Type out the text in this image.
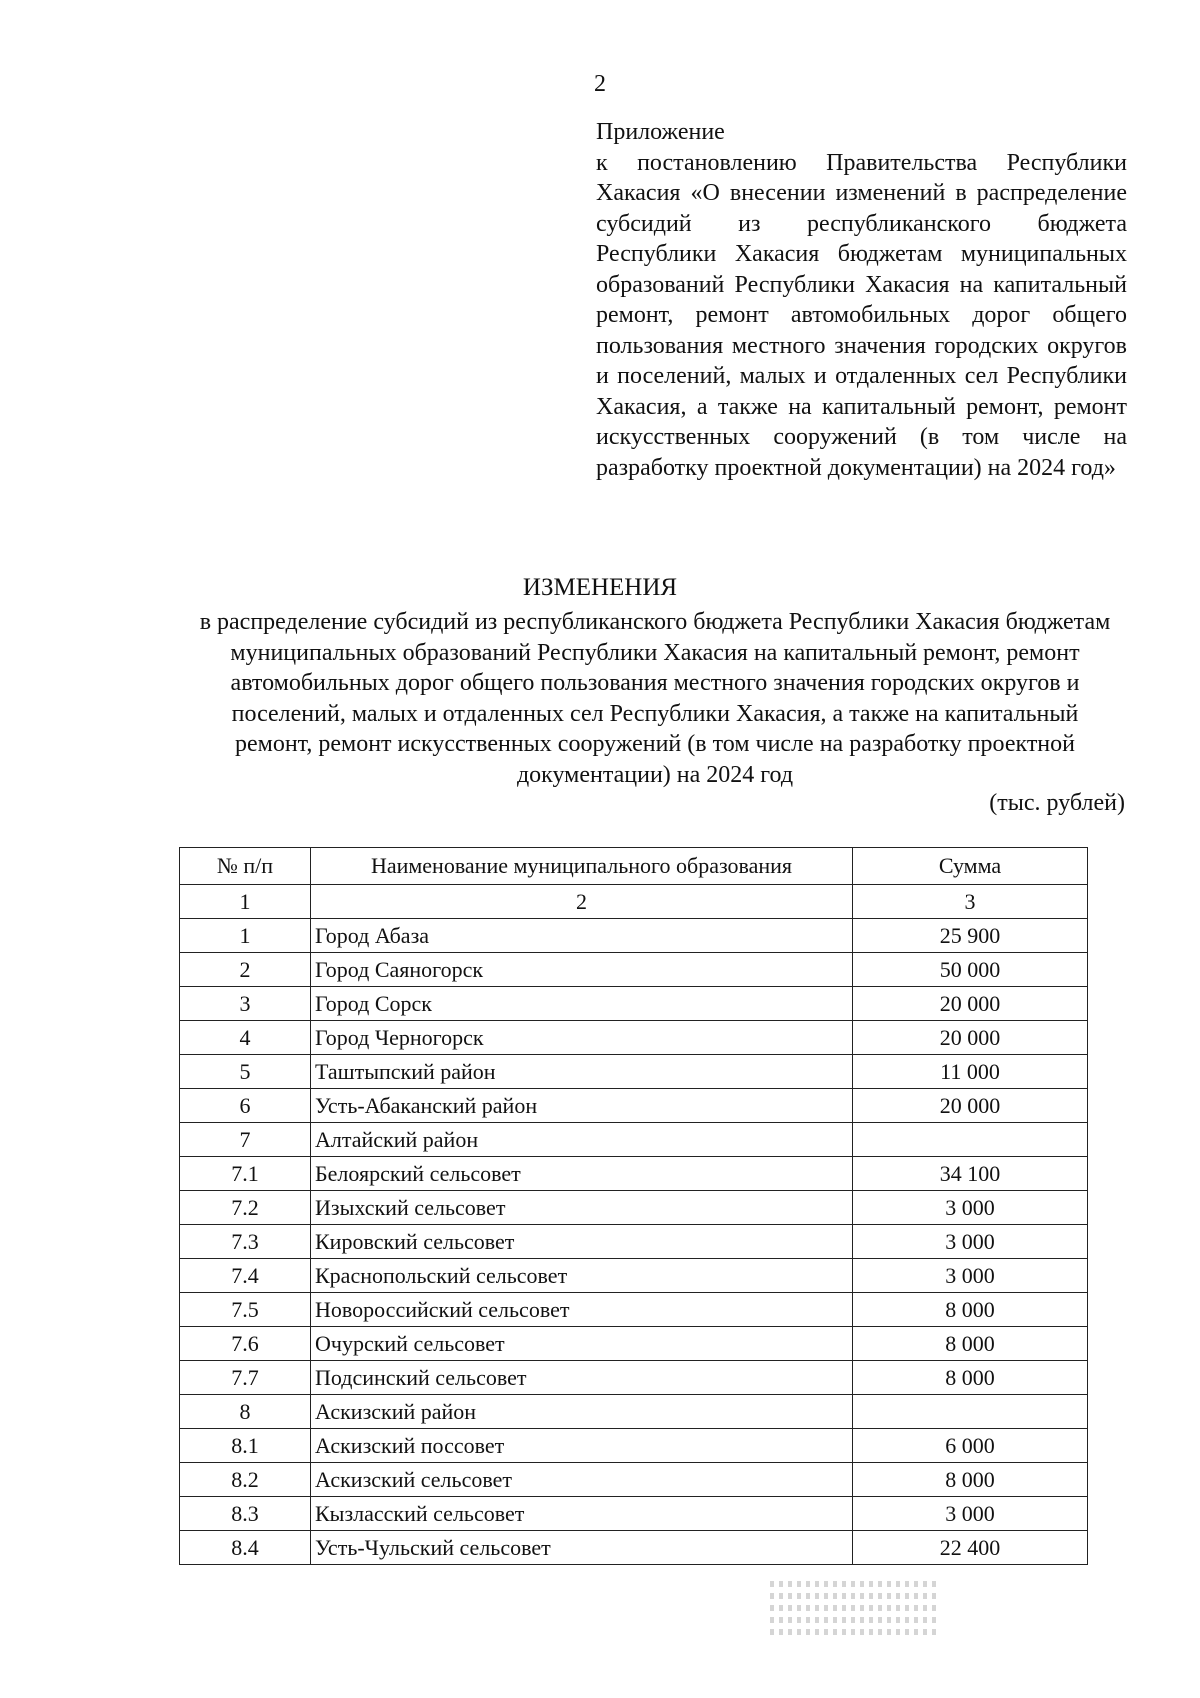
2
Приложение
к постановлению Правительства Республики Хакасия «О внесении изменений в распределение субсидий из республиканского бюджета Республики Хакасия бюджетам муниципальных образований Республики Хакасия на капитальный ремонт, ремонт автомобильных дорог общего пользования местного значения городских округов и поселений, малых и отдаленных сел Республики Хакасия, а также на капитальный ремонт, ремонт искусственных сооружений (в том числе на разработку проектной документации) на 2024 год»
ИЗМЕНЕНИЯ
в распределение субсидий из республиканского бюджета Республики Хакасия бюджетам муниципальных образований Республики Хакасия на капитальный ремонт, ремонт автомобильных дорог общего пользования местного значения городских округов и поселений, малых и отдаленных сел Республики Хакасия, а также на капитальный ремонт, ремонт искусственных сооружений (в том числе на разработку проектной документации) на 2024 год
(тыс. рублей)
№ п/п	Наименование муниципального образования	Сумма
1	2	3
1	Город Абаза	25 900
2	Город Саяногорск	50 000
3	Город Сорск	20 000
4	Город Черногорск	20 000
5	Таштыпский район	11 000
6	Усть-Абаканский район	20 000
7	Алтайский район	
7.1	Белоярский сельсовет	34 100
7.2	Изыхский сельсовет	3 000
7.3	Кировский сельсовет	3 000
7.4	Краснопольский сельсовет	3 000
7.5	Новороссийский сельсовет	8 000
7.6	Очурский сельсовет	8 000
7.7	Подсинский сельсовет	8 000
8	Аскизский район	
8.1	Аскизский поссовет	6 000
8.2	Аскизский сельсовет	8 000
8.3	Кызласский сельсовет	3 000
8.4	Усть-Чульский сельсовет	22 400
